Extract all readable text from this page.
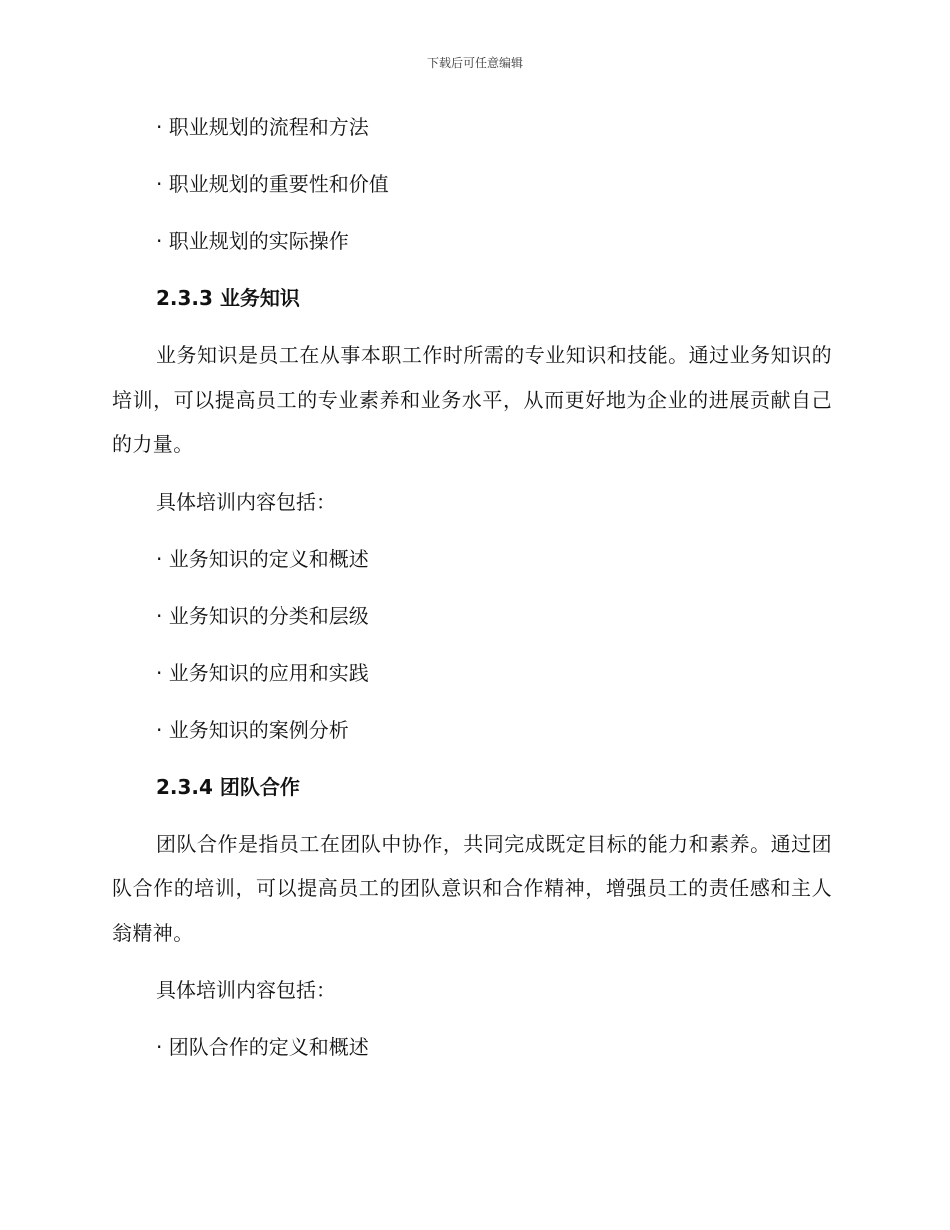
下载后可任意编辑
· 职业规划的流程和方法
· 职业规划的重要性和价值
· 职业规划的实际操作
2.3.3 业务知识

业务知识是员工在从事本职工作时所需的专业知识和技能。通过业务知识的培训，可以提高员工的专业素养和业务水平，从而更好地为企业的进展贡献自己的力量。

具体培训内容包括：
· 业务知识的定义和概述
· 业务知识的分类和层级
· 业务知识的应用和实践
· 业务知识的案例分析
2.3.4 团队合作

团队合作是指员工在团队中协作，共同完成既定目标的能力和素养。通过团队合作的培训，可以提高员工的团队意识和合作精神，增强员工的责任感和主人翁精神。

具体培训内容包括：
· 团队合作的定义和概述
